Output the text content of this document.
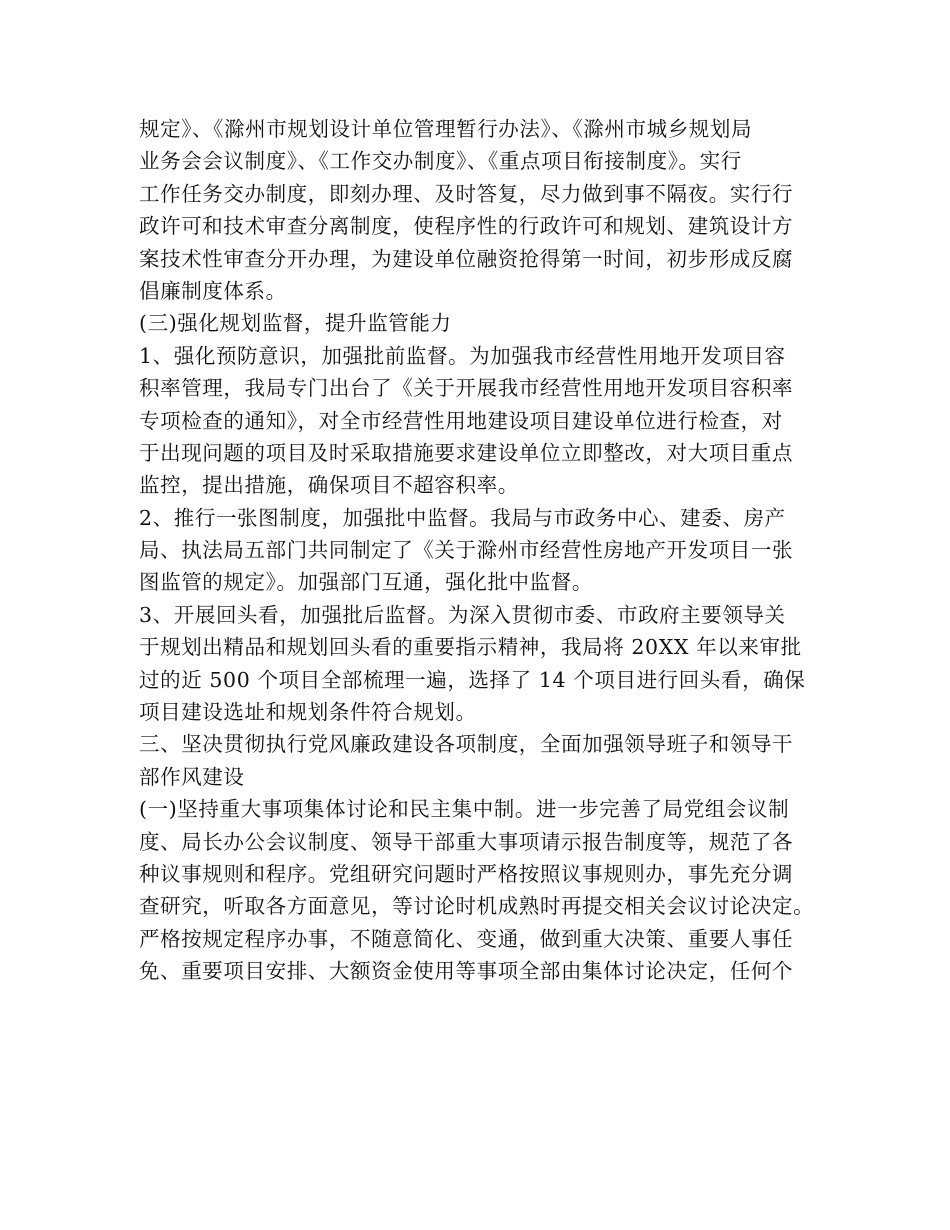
规定》、《滁州市规划设计单位管理暂行办法》、《滁州市城乡规划局
业务会会议制度》、《工作交办制度》、《重点项目衔接制度》。实行
工作任务交办制度，即刻办理、及时答复，尽力做到事不隔夜。实行行
政许可和技术审查分离制度，使程序性的行政许可和规划、建筑设计方
案技术性审查分开办理，为建设单位融资抢得第一时间，初步形成反腐
倡廉制度体系。
(三)强化规划监督，提升监管能力
1、强化预防意识，加强批前监督。为加强我市经营性用地开发项目容
积率管理，我局专门出台了《关于开展我市经营性用地开发项目容积率
专项检查的通知》，对全市经营性用地建设项目建设单位进行检查，对
于出现问题的项目及时采取措施要求建设单位立即整改，对大项目重点
监控，提出措施，确保项目不超容积率。
2、推行一张图制度，加强批中监督。我局与市政务中心、建委、房产
局、执法局五部门共同制定了《关于滁州市经营性房地产开发项目一张
图监管的规定》。加强部门互通，强化批中监督。
3、开展回头看，加强批后监督。为深入贯彻市委、市政府主要领导关
于规划出精品和规划回头看的重要指示精神，我局将 20XX 年以来审批
过的近 500 个项目全部梳理一遍，选择了 14 个项目进行回头看，确保
项目建设选址和规划条件符合规划。
三、坚决贯彻执行党风廉政建设各项制度，全面加强领导班子和领导干
部作风建设
(一)坚持重大事项集体讨论和民主集中制。进一步完善了局党组会议制
度、局长办公会议制度、领导干部重大事项请示报告制度等，规范了各
种议事规则和程序。党组研究问题时严格按照议事规则办，事先充分调
查研究，听取各方面意见，等讨论时机成熟时再提交相关会议讨论决定。
严格按规定程序办事，不随意简化、变通，做到重大决策、重要人事任
免、重要项目安排、大额资金使用等事项全部由集体讨论决定，任何个
